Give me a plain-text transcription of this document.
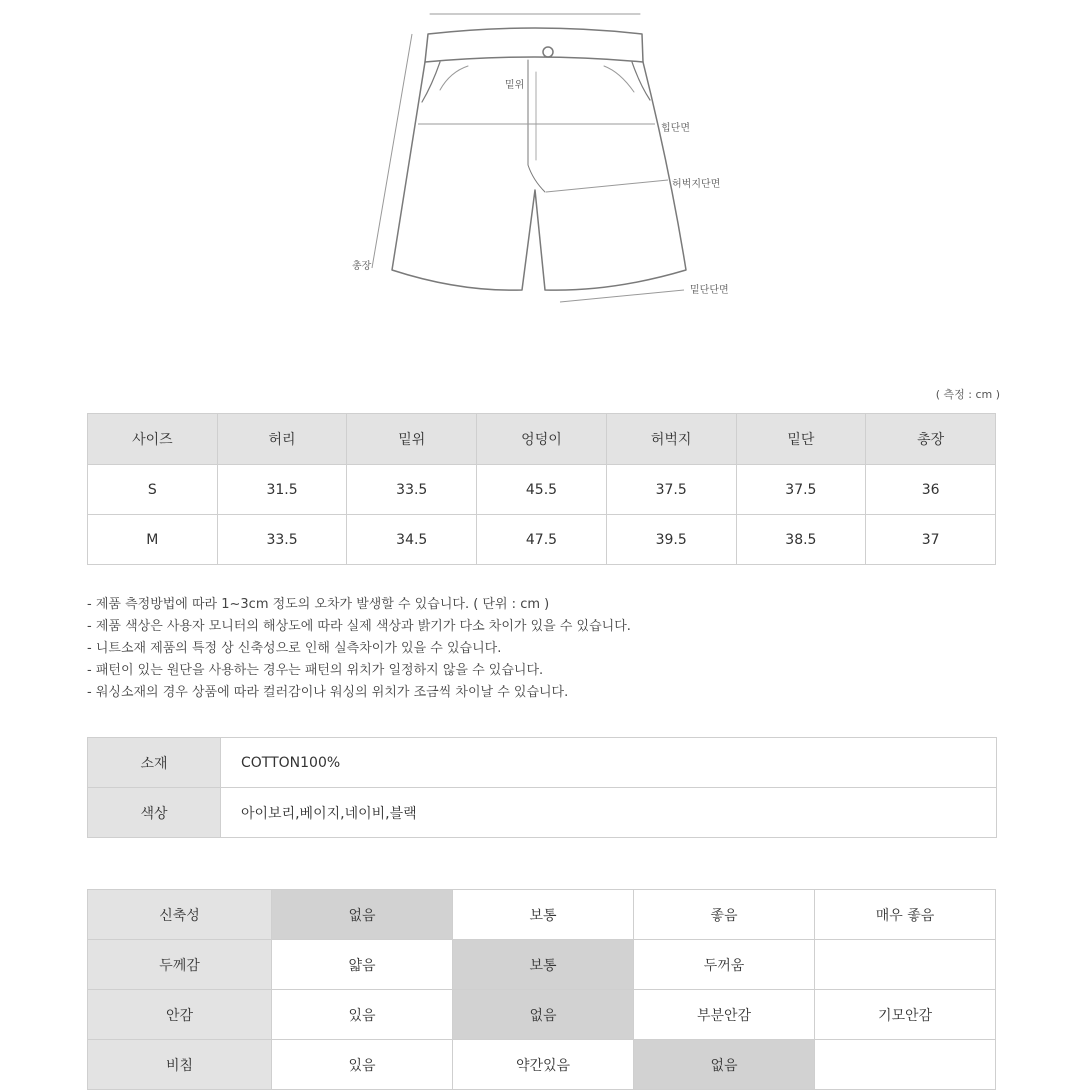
밑위
힙단면
허벅지단면
밑단단면
총장
( 측정 : cm )
사이즈	허리	밑위	엉덩이	허벅지	밑단	총장
S	31.5	33.5	45.5	37.5	37.5	36
M	33.5	34.5	47.5	39.5	38.5	37
- 제품 측정방법에 따라 1~3cm 정도의 오차가 발생할 수 있습니다. ( 단위 : cm )
- 제품 색상은 사용자 모니터의 해상도에 따라 실제 색상과 밝기가 다소 차이가 있을 수 있습니다.
- 니트소재 제품의 특정 상 신축성으로 인해 실측차이가 있을 수 있습니다.
- 패턴이 있는 원단을 사용하는 경우는 패턴의 위치가 일정하지 않을 수 있습니다.
- 워싱소재의 경우 상품에 따라 컬러감이나 워싱의 위치가 조금씩 차이날 수 있습니다.
소재	COTTON100%
색상	아이보리,베이지,네이비,블랙
신축성	없음	보통	좋음	매우 좋음
두께감	얇음	보통	두꺼움	
안감	있음	없음	부분안감	기모안감
비침	있음	약간있음	없음	
